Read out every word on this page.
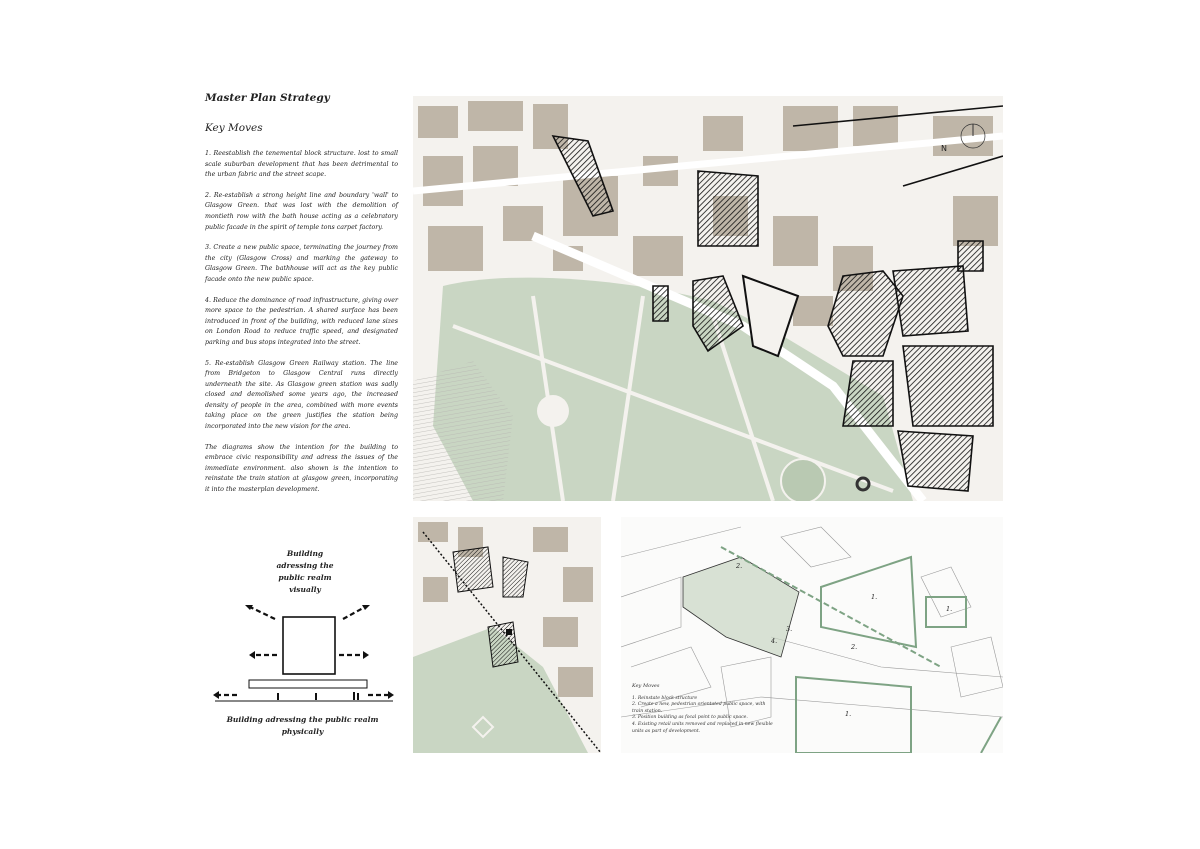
Master Plan Strategy
Key Moves

1. Reestablish the tenemental block structure. lost to small scale suburban development that has been detrimental to the urban fabric and the street scape.

2. Re-establish a strong height line and boundary 'wall' to Glasgow Green. that was lost with the demolition of montieth row with the bath house acting as a celebratory public facade in the spirit of temple tons carpet factory.

3. Create a new public space, terminating the journey from the city (Glasgow Cross) and marking the gateway to Glasgow Green. The bathhouse will act as the key public facade onto the new public space.

4. Reduce the dominance of road infrastructure, giving over more space to the pedestrian. A shared surface has been introduced in front of the building, with reduced lane sizes on London Road to reduce traffic speed, and designated parking and bus stops integrated into the street.

5. Re-establish Glasgow Green Railway station. The line from Bridgeton to Glasgow Central runs directly underneath the site. As Glasgow green station was sadly closed and demolished some years ago, the increased density of people in the area, combined with more events taking place on the green justifies the station being incorporated into the new vision for the area.

The diagrams show the intention for the building to embrace civic responsibility and adress the issues of the immediate environment. also shown is the intention to reinstate the train station at glasgow green, incorporating it into the masterplan development.

Building adressing the public realm visually
Building adressing the public realm physically
N
1.
1.
1.
2.
2.
3.
4.
Key Moves
1. Reinstate block structure
2. Create a new, pedestrian orientated public space, with train station.
3. Position building as focal point to public space.
4. Existing retail units removed and replaced in new flexible units as part of development.
